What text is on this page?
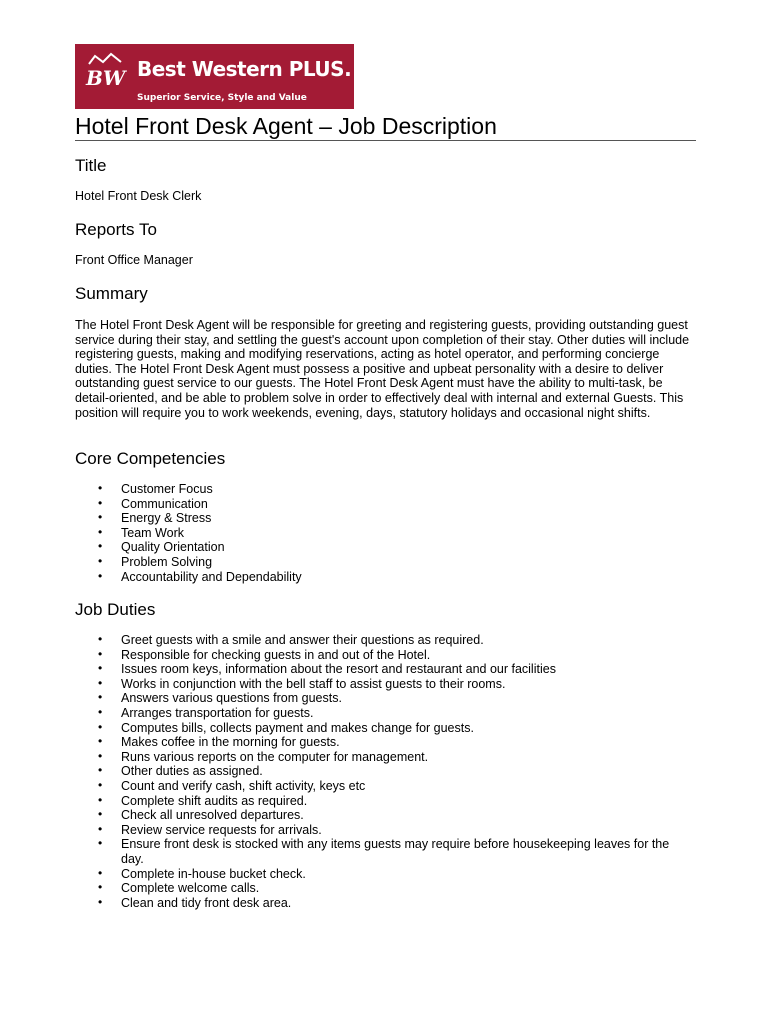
BW Best Western PLUS.
Superior Service, Style and Value
Hotel Front Desk Agent – Job Description
Title

Hotel Front Desk Clerk

Reports To

Front Office Manager

Summary

The Hotel Front Desk Agent will be responsible for greeting and registering guests, providing outstanding guest service during their stay, and settling the guest's account upon completion of their stay. Other duties will include registering guests, making and modifying reservations, acting as hotel operator, and performing concierge duties. The Hotel Front Desk Agent must possess a positive and upbeat personality with a desire to deliver outstanding guest service to our guests. The Hotel Front Desk Agent must have the ability to multi-task, be detail-oriented, and be able to problem solve in order to effectively deal with internal and external Guests. This position will require you to work weekends, evening, days, statutory holidays and occasional night shifts.

Core Competencies
• Customer Focus
• Communication
• Energy & Stress
• Team Work
• Quality Orientation
• Problem Solving
• Accountability and Dependability
Job Duties
• Greet guests with a smile and answer their questions as required.
• Responsible for checking guests in and out of the Hotel.
• Issues room keys, information about the resort and restaurant and our facilities
• Works in conjunction with the bell staff to assist guests to their rooms.
• Answers various questions from guests.
• Arranges transportation for guests.
• Computes bills, collects payment and makes change for guests.
• Makes coffee in the morning for guests.
• Runs various reports on the computer for management.
• Other duties as assigned.
• Count and verify cash, shift activity, keys etc
• Complete shift audits as required.
• Check all unresolved departures.
• Review service requests for arrivals.
• Ensure front desk is stocked with any items guests may require before housekeeping leaves for the day.
• Complete in-house bucket check.
• Complete welcome calls.
• Clean and tidy front desk area.
